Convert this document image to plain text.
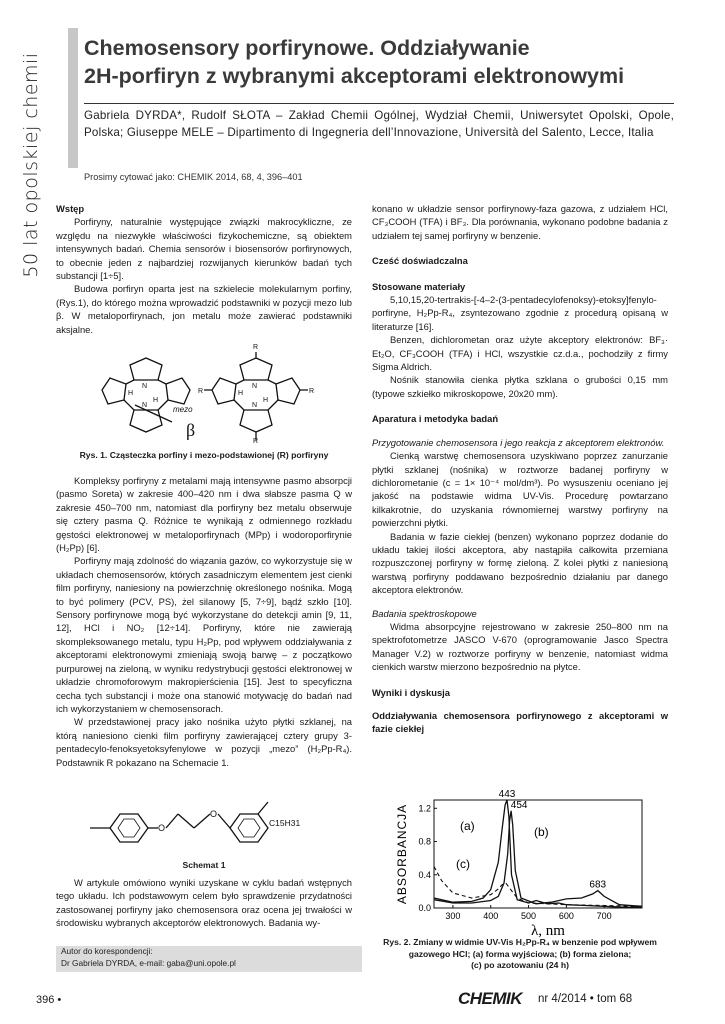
50 lat opolskiej chemii
Chemosensory porfirynowe. Oddziaływanie
2H-porfiryn z wybranymi akceptorami elektronowymi
Gabriela DYRDA*, Rudolf SŁOTA – Zakład Chemii Ogólnej, Wydział Chemii, Uniwersytet Opolski, Opole, Polska; Giuseppe MELE – Dipartimento di Ingegneria dell’Innovazione, Università del Salento, Lecce, Italia
Prosimy cytować jako: CHEMIK 2014, 68, 4, 396–401

Wstęp

Porfiryny, naturalnie występujące związki makrocykliczne, ze względu na niezwykłe właściwości fizykochemiczne, są obiektem intensywnych badań. Chemia sensorów i biosensorów porfirynowych, to obecnie jeden z najbardziej rozwijanych kierunków badań tych substancji [1÷5].

Budowa porfiryn oparta jest na szkielecie molekularnym porfiny, (Rys.1), do którego można wprowadzić podstawniki w pozycji mezo lub β. W metaloporfirynach, jon metalu może zawierać podstawniki aksjalne.

N
H
N
H
N
H
N
H
R
R	R
R
mezo
β
Rys. 1. Cząsteczka porfiny i mezo-podstawionej (R) porfiryny

Kompleksy porfiryny z metalami mają intensywne pasmo absorpcji (pasmo Soreta) w zakresie 400–420 nm i dwa słabsze pasma Q w zakresie 450–700 nm, natomiast dla porfiryny bez metalu obserwuje się cztery pasma Q. Różnice te wynikają z odmiennego rozkładu gęstości elektronowej w metaloporfirynach (MPp) i wodoroporfirynie (H₂Pp) [6].

Porfiryny mają zdolność do wiązania gazów, co wykorzystuje się w układach chemosensorów, których zasadniczym elementem jest cienki film porfiryny, naniesiony na powierzchnię określonego nośnika. Mogą to być polimery (PCV, PS), żel silanowy [5, 7÷9], bądź szkło [10]. Sensory porfirynowe mogą być wykorzystane do detekcji amin [9, 11, 12], HCl i NO₂ [12÷14]. Porfiryny, które nie zawierają skompleksowanego metalu, typu H₂Pp, pod wpływem oddziaływania z akceptorami elektronowymi zmieniają swoją barwę – z początkowo purpurowej na zieloną, w wyniku redystrybucji gęstości elektronowej w układzie chromoforowym makropierścienia [15]. Jest to specyficzna cecha tych substancji i może ona stanowić motywację do badań nad ich wykorzystaniem w chemosensorach.

W przedstawionej pracy jako nośnika użyto płytki szklanej, na którą naniesiono cienki film porfiryny zawierającej cztery grupy 3-pentadecylo-fenoksyetoksyfenylowe w pozycji „mezo” (H₂Pp-R₄). Podstawnik R pokazano na Schemacie 1.

O
O
C15H31
Schemat 1

W artykule omówiono wyniki uzyskane w cyklu badań wstępnych tego układu. Ich podstawowym celem było sprawdzenie przydatności zastosowanej porfiryny jako chemosensora oraz ocena jej trwałości w środowisku wybranych akceptorów elektronowych. Badania wy-

Autor do korespondencji:
Dr Gabriela DYRDA, e-mail: gaba@uni.opole.pl

konano w układzie sensor porfirynowy-faza gazowa, z udziałem HCl, CF₃COOH (TFA) i BF₃. Dla porównania, wykonano podobne badania z udziałem tej samej porfiryny w benzenie.

Cześć doświadczalna

Stosowane materiały

5,10,15,20-tertrakis-[-4–2-(3-pentadecylofenoksy)-etoksy]fenylo-porfiryne, H₂Pp-R₄, zsyntezowano zgodnie z procedurą opisaną w literaturze [16].

Benzen, dichlorometan oraz użyte akceptory elektronów: BF₃· Et₂O, CF₃COOH (TFA) i HCl, wszystkie cz.d.a., pochodziły z firmy Sigma Aldrich.

Nośnik stanowiła cienka płytka szklana o grubości 0,15 mm (typowe szkiełko mikroskopowe, 20x20 mm).

Aparatura i metodyka badań

Przygotowanie chemosensora i jego reakcja z akceptorem elektronów.

Cienką warstwę chemosensora uzyskiwano poprzez zanurzanie płytki szklanej (nośnika) w roztworze badanej porfiryny w dichlorometanie (c = 1× 10⁻⁴ mol/dm³). Po wysuszeniu oceniano jej jakość na podstawie widma UV-Vis. Procedurę powtarzano kilkakrotnie, do uzyskania równomiernej warstwy porfiryny na powierzchni płytki.

Badania w fazie ciekłej (benzen) wykonano poprzez dodanie do układu takiej ilości akceptora, aby nastąpiła całkowita przemiana rozpuszczonej porfiryny w formę zieloną. Z kolei płytki z naniesioną warstwą porfiryny poddawano bezpośrednio działaniu par danego akceptora elektronów.

Badania spektroskopowe

Widma absorpcyjne rejestrowano w zakresie 250–800 nm na spektrofotometrze JASCO V-670 (oprogramowanie Jasco Spectra Manager V.2) w roztworze porfiryny w benzenie, natomiast widma cienkich warstw mierzono bezpośrednio na płytce.

Wyniki i dyskusja

Oddziaływania chemosensora porfirynowego z akceptorami w fazie ciekłej

300	400	500	600	700
0.0
0.4
0.8
1.2
ABSORBANCJA
λ, nm
(a)	(b)
(c)
443
454
683
Rys. 2. Zmiany w widmie UV-Vis H₂Pp-R₄ w benzenie pod wpływem
gazowego HCl; (a) forma wyjściowa; (b) forma zielona;
(c) po azotowaniu (24 h)
396 •	CHEMIK nr 4/2014 • tom 68
